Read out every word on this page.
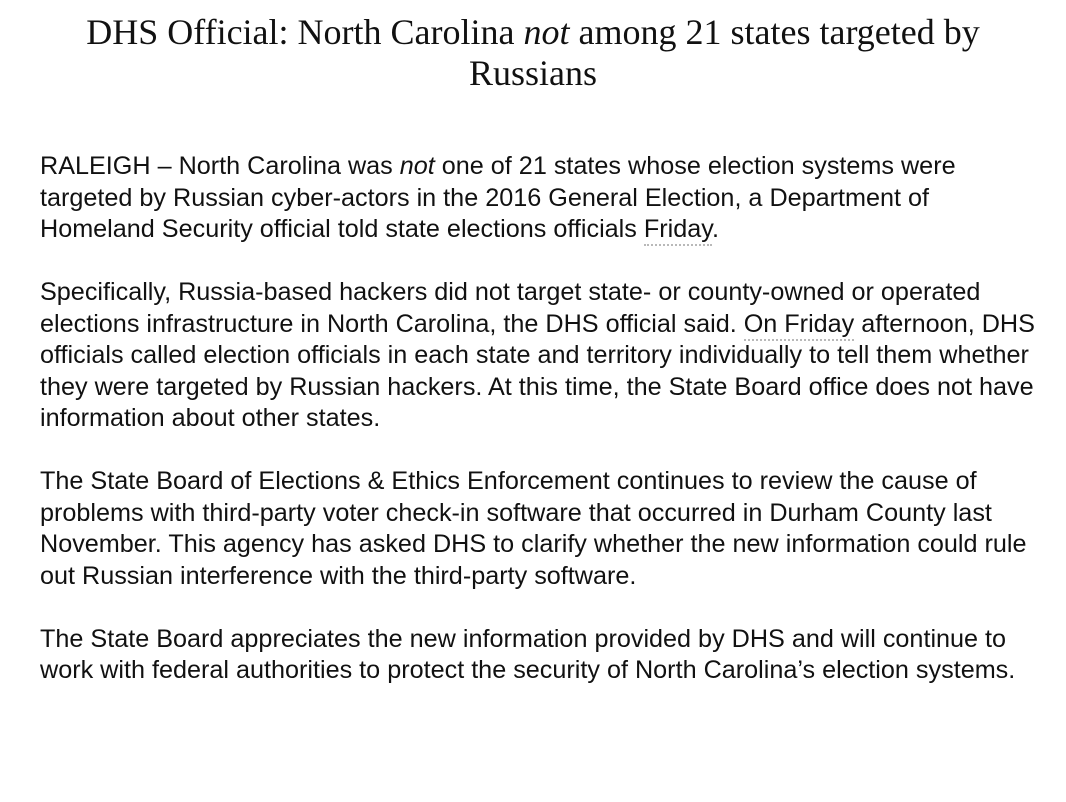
DHS Official: North Carolina not among 21 states targeted by Russians

RALEIGH – North Carolina was not one of 21 states whose election systems were targeted by Russian cyber-actors in the 2016 General Election, a Department of Homeland Security official told state elections officials Friday.

Specifically, Russia-based hackers did not target state- or county-owned or operated elections infrastructure in North Carolina, the DHS official said. On Friday afternoon, DHS officials called election officials in each state and territory individually to tell them whether they were targeted by Russian hackers. At this time, the State Board office does not have information about other states.

The State Board of Elections & Ethics Enforcement continues to review the cause of problems with third-party voter check-in software that occurred in Durham County last November. This agency has asked DHS to clarify whether the new information could rule out Russian interference with the third-party software.

The State Board appreciates the new information provided by DHS and will continue to work with federal authorities to protect the security of North Carolina’s election systems.
